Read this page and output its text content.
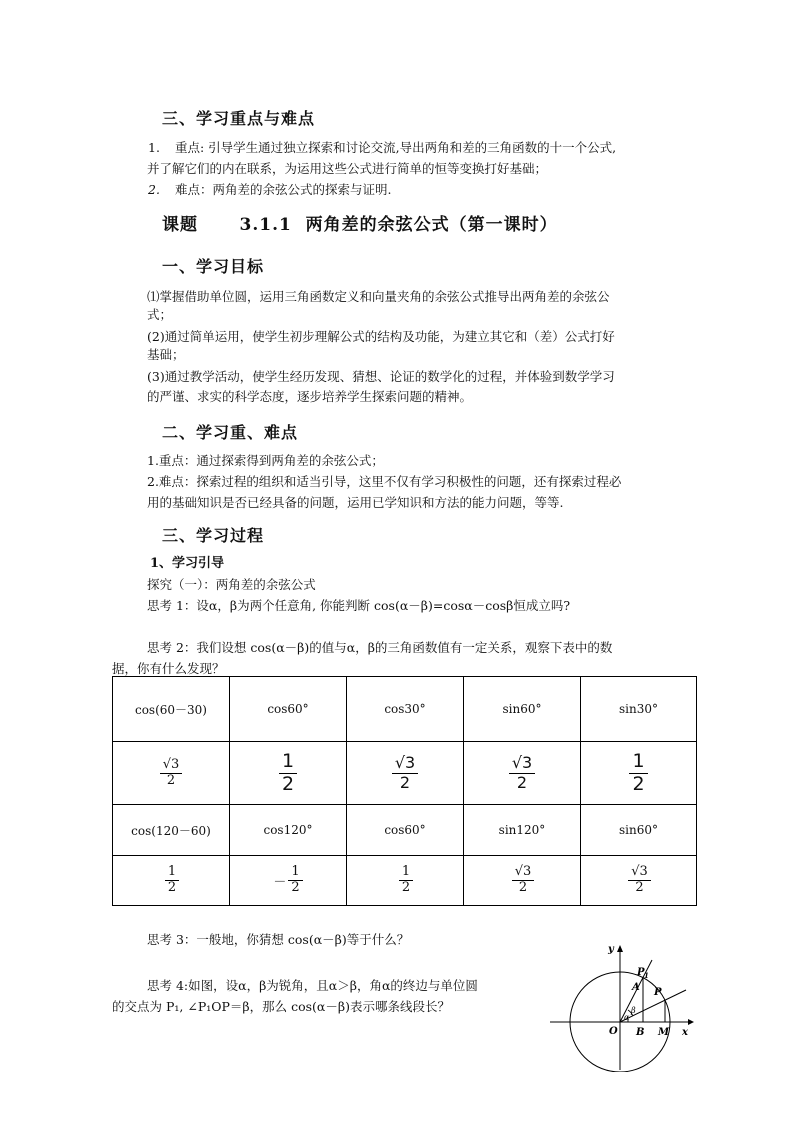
三、学习重点与难点
1. 重点: 引导学生通过独立探索和讨论交流,导出两角和差的三角函数的十一个公式,
并了解它们的内在联系，为运用这些公式进行简单的恒等变换打好基础；
2. 难点：两角差的余弦公式的探索与证明.
课题      3.1.1  两角差的余弦公式（第一课时）
一、学习目标
⑴掌握借助单位圆，运用三角函数定义和向量夹角的余弦公式推导出两角差的余弦公
式；
(2)通过简单运用，使学生初步理解公式的结构及功能，为建立其它和（差）公式打好
基础；
(3)通过教学活动，使学生经历发现、猜想、论证的数学化的过程，并体验到数学学习
的严谨、求实的科学态度，逐步培养学生探索问题的精神。
二、学习重、难点
1.重点：通过探索得到两角差的余弦公式；
2.难点：探索过程的组织和适当引导，这里不仅有学习积极性的问题，还有探索过程必
用的基础知识是否已经具备的问题，运用已学知识和方法的能力问题，等等.
三、学习过程
1、学习引导
探究（一）：两角差的余弦公式
思考 1：设α，β为两个任意角, 你能判断 cos(α－β)=cosα－cosβ恒成立吗?
思考 2：我们设想 cos(α－β)的值与α，β的三角函数值有一定关系，观察下表中的数
据，你有什么发现？
cos(60－30)	cos60°	cos30°	sin60°	sin30°

$\frac{√3}{2}$	$\frac{1}{2}$	$\frac{√3}{2}$	$\frac{√3}{2}$	$\frac{1}{2}$

cos(120－60)	cos120°	cos60°	sin120°	sin60°

$\frac{1}{2}$	－ $\frac{1}{2}$	$\frac{1}{2}$	$\frac{√3}{2}$	$\frac{√3}{2}$
思考 3：一般地，你猜想 cos(α－β)等于什么？
思考 4:如图，设α，β为锐角，且α＞β，角α的终边与单位圆
的交点为 P₁, ∠P₁OP＝β，那么 cos(α－β)表示哪条线段长？
y
x
O
P 1
A P
B M
α
β
